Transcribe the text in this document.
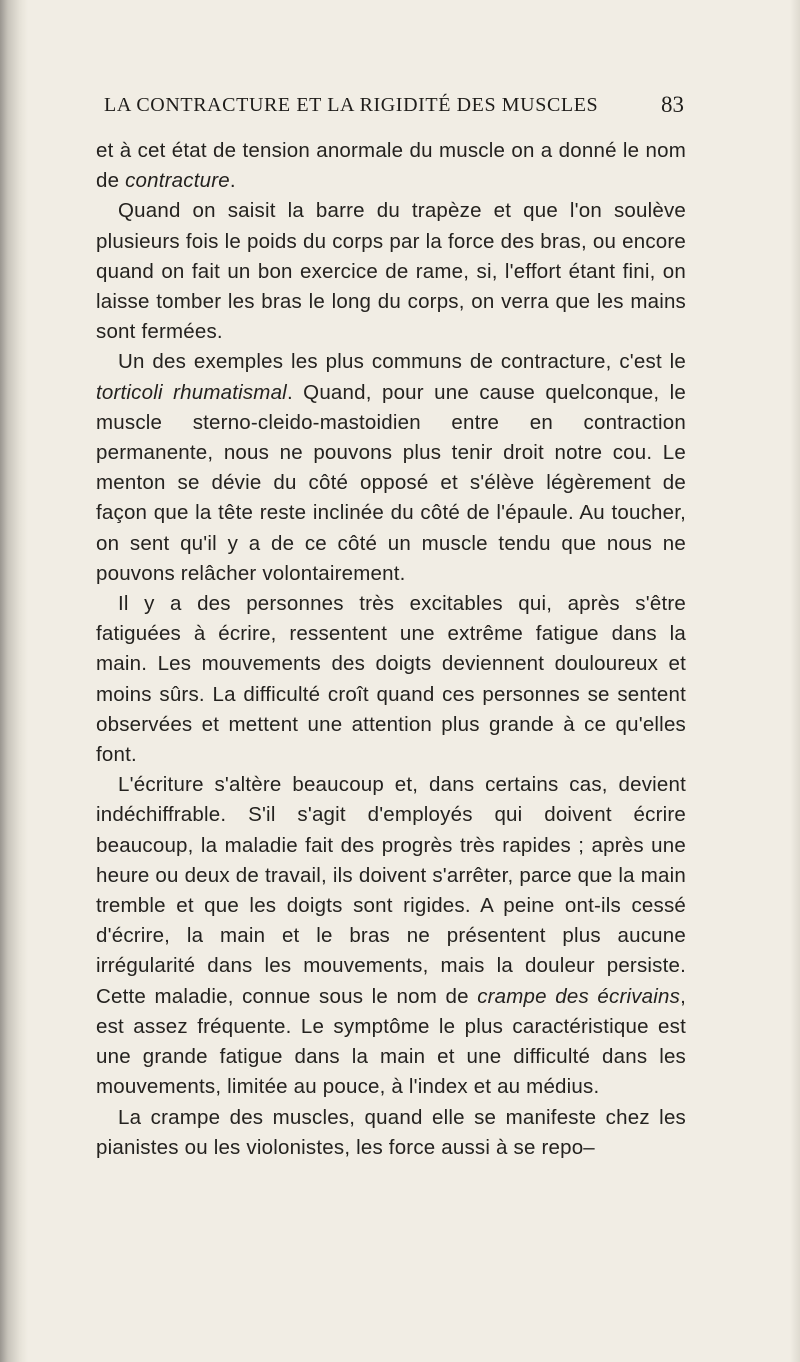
LA CONTRACTURE ET LA RIGIDITÉ DES MUSCLES	83

et à cet état de tension anormale du muscle on a donné le nom de contracture.

Quand on saisit la barre du trapèze et que l'on soulève plusieurs fois le poids du corps par la force des bras, ou encore quand on fait un bon exercice de rame, si, l'effort étant fini, on laisse tomber les bras le long du corps, on verra que les mains sont fermées.

Un des exemples les plus communs de contracture, c'est le torticoli rhumatismal. Quand, pour une cause quelconque, le muscle sterno-cleido-mastoidien entre en contraction permanente, nous ne pouvons plus tenir droit notre cou. Le menton se dévie du côté opposé et s'élève légèrement de façon que la tête reste inclinée du côté de l'épaule. Au toucher, on sent qu'il y a de ce côté un muscle tendu que nous ne pouvons relâcher volontairement.

Il y a des personnes très excitables qui, après s'être fatiguées à écrire, ressentent une extrême fatigue dans la main. Les mouvements des doigts deviennent douloureux et moins sûrs. La difficulté croît quand ces personnes se sentent observées et mettent une attention plus grande à ce qu'elles font.

L'écriture s'altère beaucoup et, dans certains cas, devient indéchiffrable. S'il s'agit d'employés qui doivent écrire beaucoup, la maladie fait des progrès très rapides ; après une heure ou deux de travail, ils doivent s'arrêter, parce que la main tremble et que les doigts sont rigides. A peine ont-ils cessé d'écrire, la main et le bras ne présentent plus aucune irrégularité dans les mouvements, mais la douleur persiste. Cette maladie, connue sous le nom de crampe des écrivains, est assez fréquente. Le symptôme le plus caractéristique est une grande fatigue dans la main et une difficulté dans les mouvements, limitée au pouce, à l'index et au médius.

La crampe des muscles, quand elle se manifeste chez les pianistes ou les violonistes, les force aussi à se repo–
